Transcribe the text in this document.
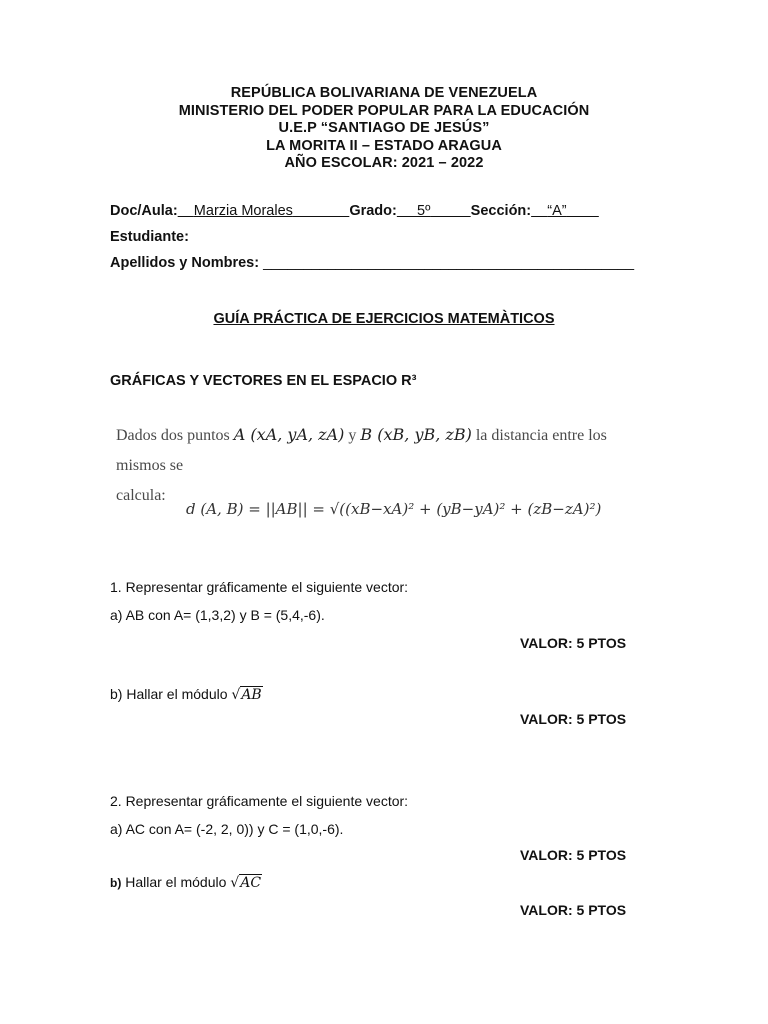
REPÚBLICA BOLIVARIANA DE VENEZUELA
MINISTERIO DEL PODER POPULAR PARA LA EDUCACIÓN
U.E.P “SANTIAGO DE JESÚS”
LA MORITA II – ESTADO ARAGUA
AÑO ESCOLAR: 2021 – 2022
Doc/Aula: Marzia Morales	Grado: 5º	Sección: “A”
Estudiante:
Apellidos y Nombres: ______________________________________________
GUÍA PRÁCTICA DE EJERCICIOS MATEMÀTICOS
GRÁFICAS Y VECTORES EN EL ESPACIO R³
Dados dos puntos A (xA, yA, zA) y B (xB, yB, zB) la distancia entre los mismos se
calcula:
d (A, B) = ||AB|| = √((xB−xA)² + (yB−yA)² + (zB−zA)²)
1. Representar gráficamente el siguiente vector:
a) AB con A= (1,3,2) y B = (5,4,-6).
VALOR: 5 PTOS
b) Hallar el módulo √AB
VALOR: 5 PTOS
2. Representar gráficamente el siguiente vector:
a) AC con A= (-2, 2, 0)) y C = (1,0,-6).
VALOR: 5 PTOS
b) Hallar el módulo √AC
VALOR: 5 PTOS
